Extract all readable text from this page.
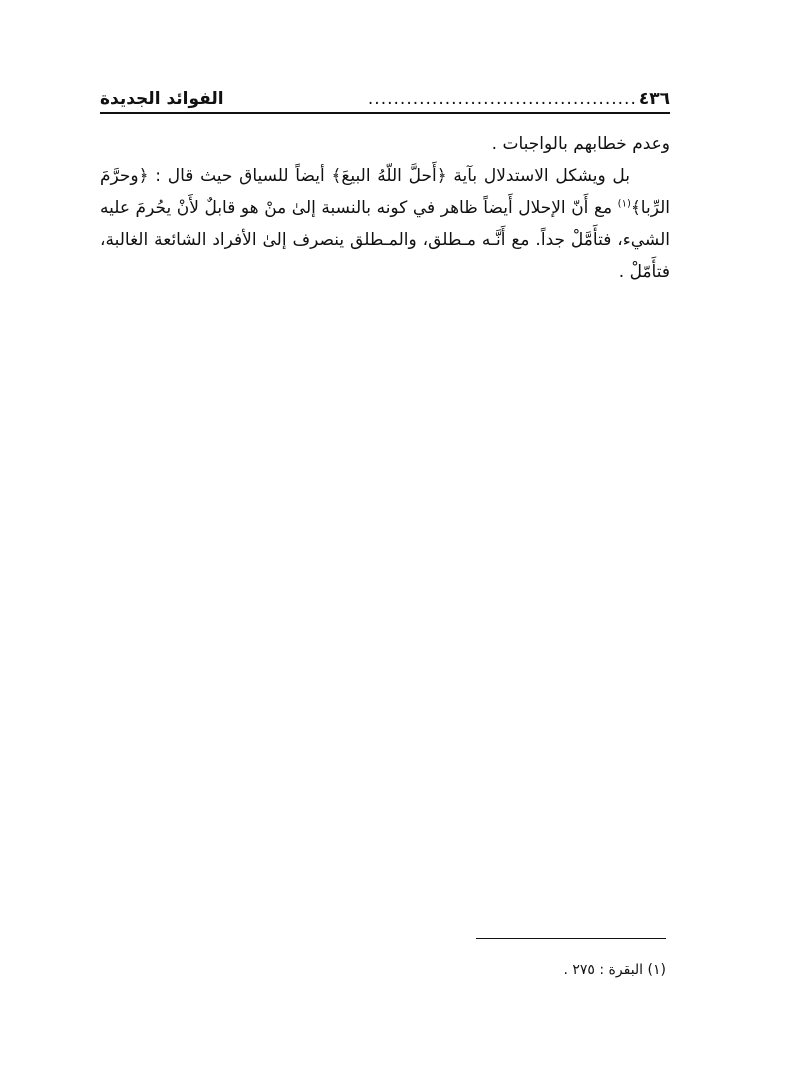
٤٣٦
..........................................
الفوائد الجديدة

وعدم خطابهم بالواجبات .

بل ويشكل الاستدلال بآية ﴿أَحلَّ اللّهُ البيعَ﴾ أيضاً للسياق حيث قال : ﴿وحرَّمَ الرِّبا﴾$^{(١)}$ مع أَنّ الإحلال أَيضاً ظاهر في كونه بالنسبة إلىٰ منْ هو قابلٌ لأَنْ يحُرمَ عليه الشيء، فتأَمَّلْ جداً. مع أَنَّـه مـطلق، والمـطلق ينصرف إلىٰ الأفراد الشائعة الغالبة، فتأَمّلْ .

(١) البقرة : ٢٧٥ .
